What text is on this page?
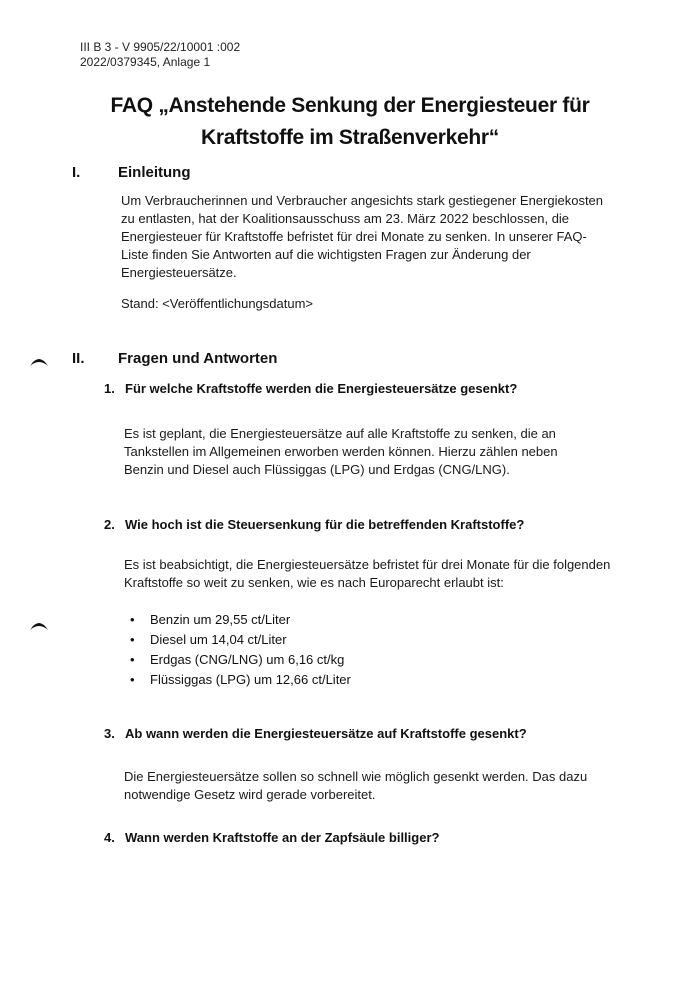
III B 3 - V 9905/22/10001 :002
2022/0379345, Anlage 1
FAQ „Anstehende Senkung der Energiesteuer für
Kraftstoffe im Straßenverkehr“
I.	Einleitung
Um Verbraucherinnen und Verbraucher angesichts stark gestiegener Energiekosten zu entlasten, hat der Koalitionsausschuss am 23. März 2022 beschlossen, die Energiesteuer für Kraftstoffe befristet für drei Monate zu senken. In unserer FAQ-Liste finden Sie Antworten auf die wichtigsten Fragen zur Änderung der Energiesteuersätze.
Stand: <Veröffentlichungsdatum>
II. Fragen und Antworten
1. Für welche Kraftstoffe werden die Energiesteuersätze gesenkt?
Es ist geplant, die Energiesteuersätze auf alle Kraftstoffe zu senken, die an Tankstellen im Allgemeinen erworben werden können. Hierzu zählen neben Benzin und Diesel auch Flüssiggas (LPG) und Erdgas (CNG/LNG).
2. Wie hoch ist die Steuersenkung für die betreffenden Kraftstoffe?
Es ist beabsichtigt, die Energiesteuersätze befristet für drei Monate für die folgenden Kraftstoffe so weit zu senken, wie es nach Europarecht erlaubt ist:
• Benzin um 29,55 ct/Liter
• Diesel um 14,04 ct/Liter
• Erdgas (CNG/LNG) um 6,16 ct/kg
• Flüssiggas (LPG) um 12,66 ct/Liter
3. Ab wann werden die Energiesteuersätze auf Kraftstoffe gesenkt?
Die Energiesteuersätze sollen so schnell wie möglich gesenkt werden. Das dazu notwendige Gesetz wird gerade vorbereitet.
4. Wann werden Kraftstoffe an der Zapfsäule billiger?
